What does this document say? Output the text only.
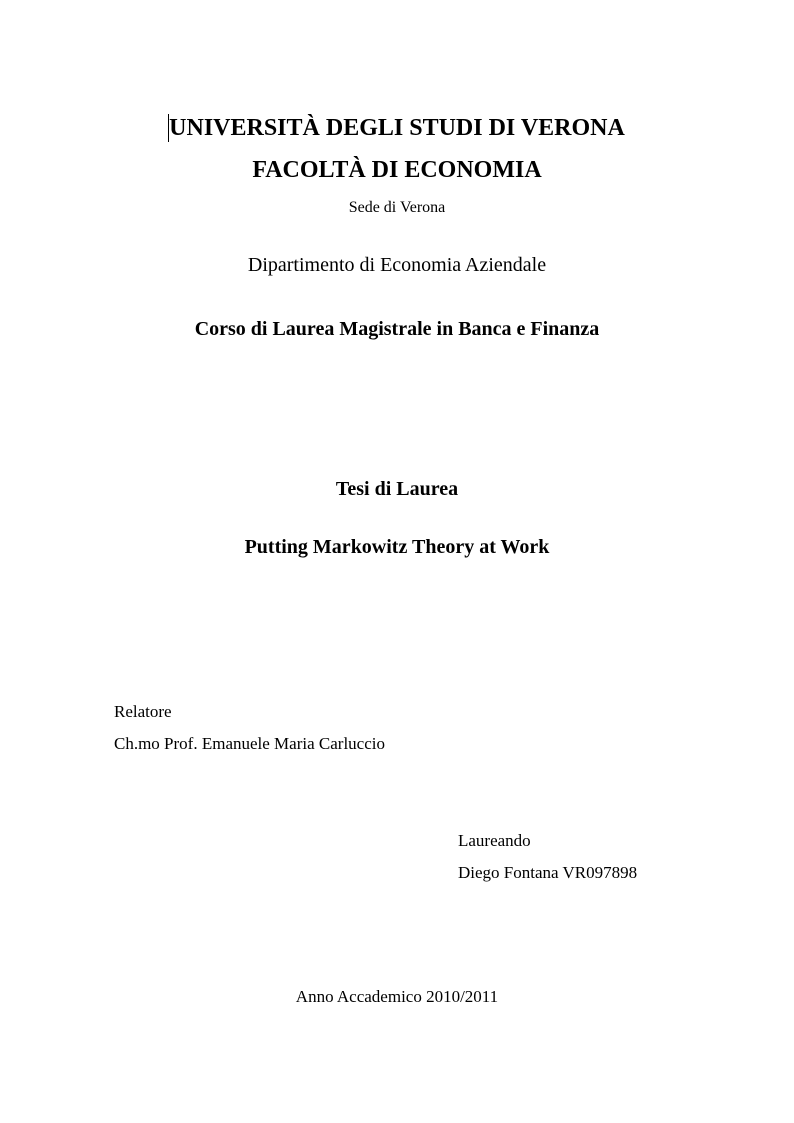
UNIVERSITÀ DEGLI STUDI DI VERONA
FACOLTÀ DI ECONOMIA
Sede di Verona
Dipartimento di Economia Aziendale
Corso di Laurea Magistrale in Banca e Finanza
Tesi di Laurea
Putting Markowitz Theory at Work
Relatore
Ch.mo Prof. Emanuele Maria Carluccio
Laureando
Diego Fontana VR097898
Anno Accademico 2010/2011
